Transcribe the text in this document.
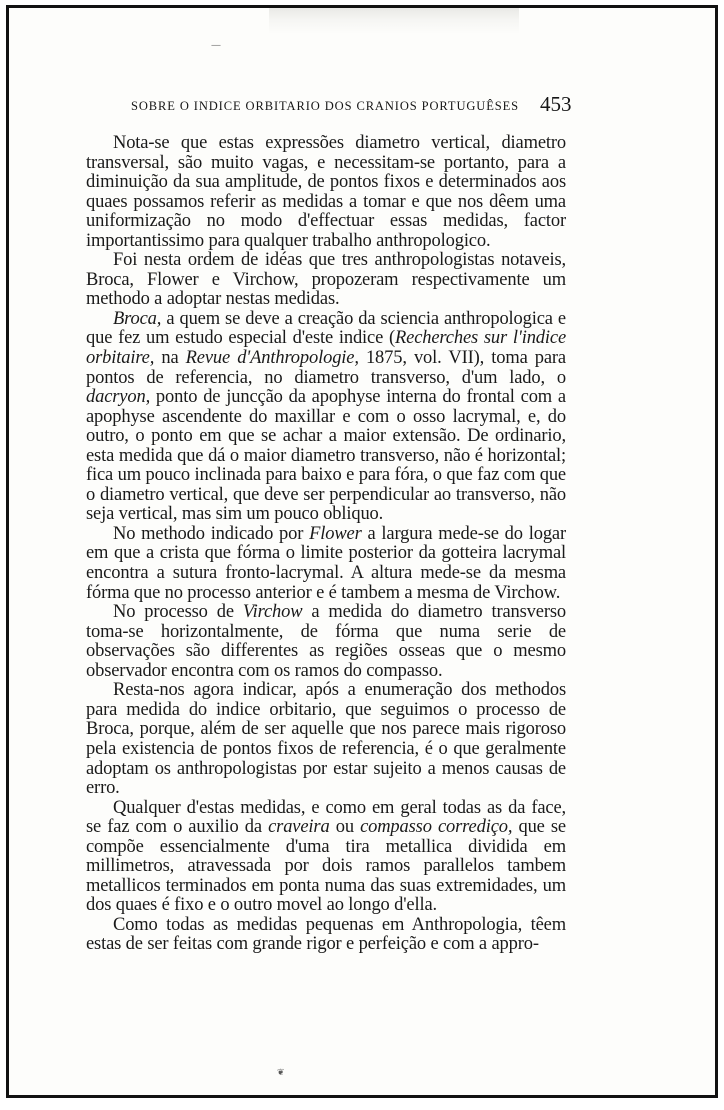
—
SOBRE O INDICE ORBITARIO DOS CRANIOS PORTUGUÊSES 453

Nota-se que estas expressões diametro vertical, diametro transversal, são muito vagas, e necessitam-se portanto, para a diminuição da sua amplitude, de pontos fixos e determinados aos quaes possamos referir as medidas a tomar e que nos dêem uma uniformização no modo d'effectuar essas medidas, factor importantissimo para qualquer trabalho anthropologico.

Foi nesta ordem de idéas que tres anthropologistas notaveis, Broca, Flower e Virchow, propozeram respectivamente um methodo a adoptar nestas medidas.

Broca, a quem se deve a creação da sciencia anthropologica e que fez um estudo especial d'este indice (Recherches sur l'indice orbitaire, na Revue d'Anthropologie, 1875, vol. VII), toma para pontos de referencia, no diametro transverso, d'um lado, o dacryon, ponto de juncção da apophyse interna do frontal com a apophyse ascendente do maxillar e com o osso lacrymal, e, do outro, o ponto em que se achar a maior extensão. De ordinario, esta medida que dá o maior diametro transverso, não é horizontal; fica um pouco inclinada para baixo e para fóra, o que faz com que o diametro vertical, que deve ser perpendicular ao transverso, não seja vertical, mas sim um pouco obliquo.

No methodo indicado por Flower a largura mede-se do logar em que a crista que fórma o limite posterior da gotteira lacrymal encontra a sutura fronto-lacrymal. A altura mede-se da mesma fórma que no processo anterior e é tambem a mesma de Virchow.

No processo de Virchow a medida do diametro transverso toma-se horizontalmente, de fórma que numa serie de observações são differentes as regiões osseas que o mesmo observador encontra com os ramos do compasso.

Resta-nos agora indicar, após a enumeração dos methodos para medida do indice orbitario, que seguimos o processo de Broca, porque, além de ser aquelle que nos parece mais rigoroso pela existencia de pontos fixos de referencia, é o que geralmente adoptam os anthropologistas por estar sujeito a menos causas de erro.

Qualquer d'estas medidas, e como em geral todas as da face, se faz com o auxilio da craveira ou compasso corrediço, que se compõe essencialmente d'uma tira metallica dividida em millimetros, atravessada por dois ramos parallelos tambem metallicos terminados em ponta numa das suas extremidades, um dos quaes é fixo e o outro movel ao longo d'ella.

Como todas as medidas pequenas em Anthropologia, têem estas de ser feitas com grande rigor e perfeição e com a appro-

❦
